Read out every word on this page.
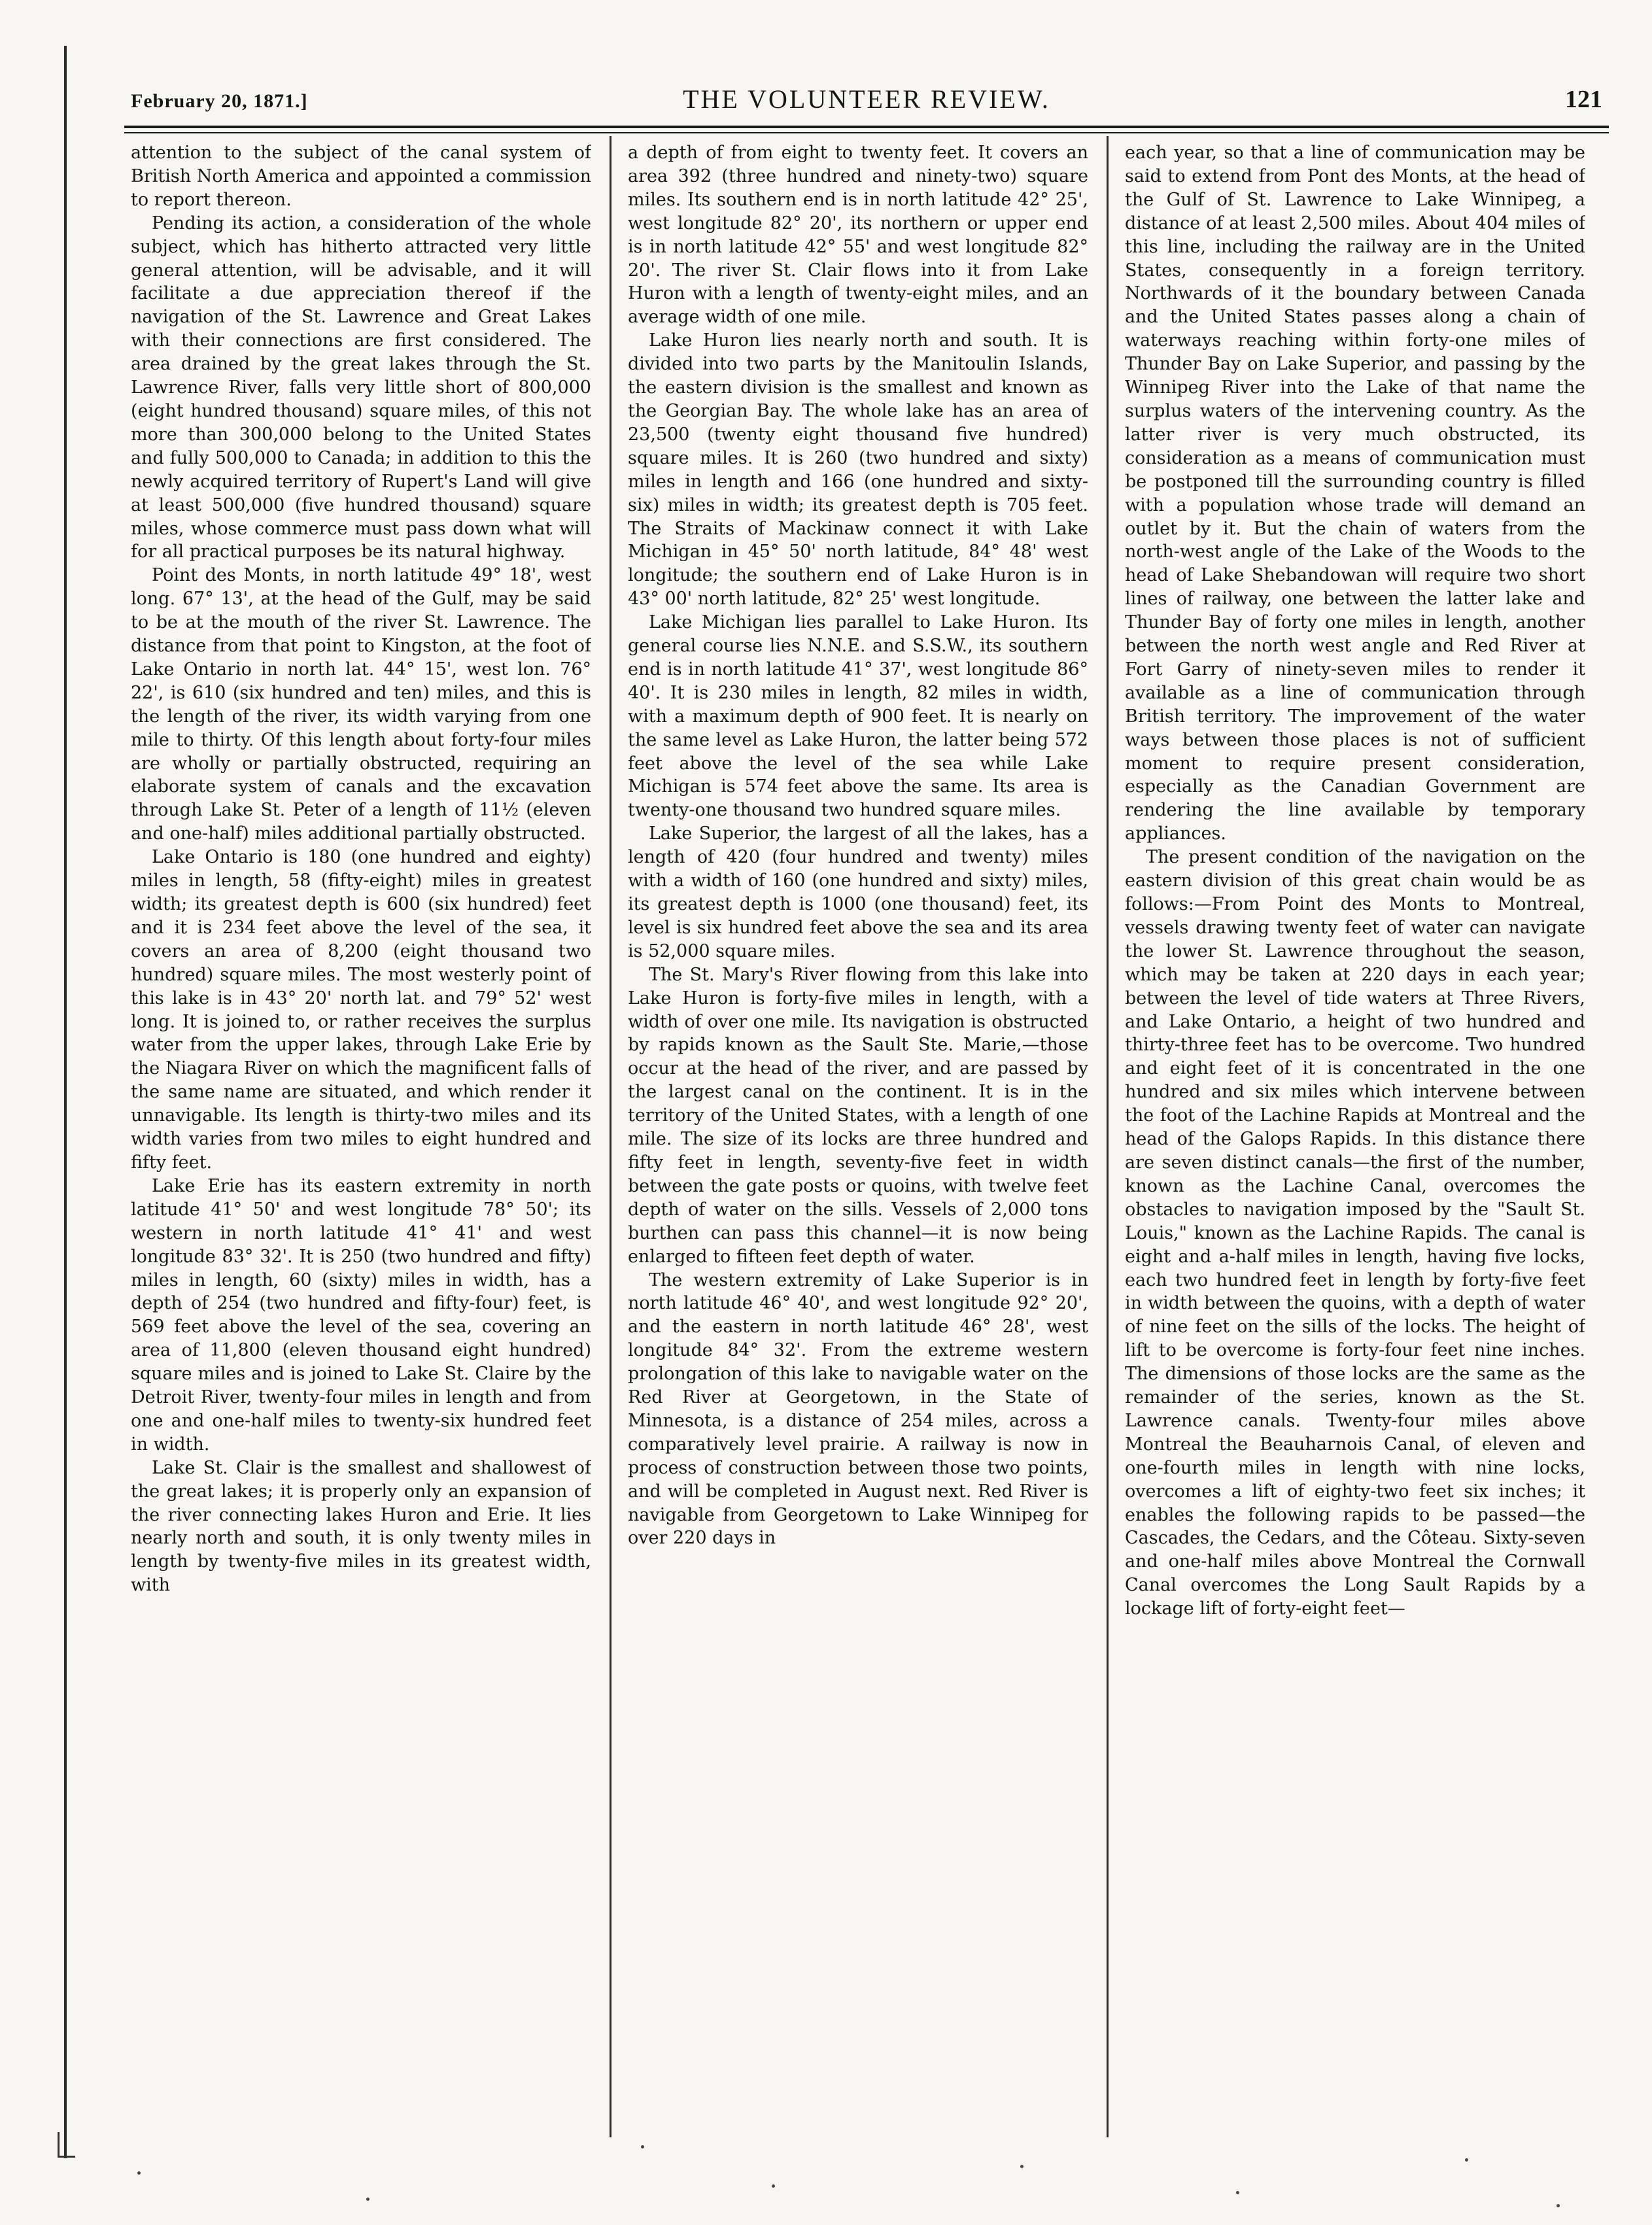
February 20, 1871.]	THE VOLUNTEER REVIEW.	121

attention to the subject of the canal system of British North America and appointed a commission to report thereon.

Pending its action, a consideration of the whole subject, which has hitherto attracted very little general attention, will be advisable, and it will facilitate a due appreciation thereof if the navigation of the St. Lawrence and Great Lakes with their connections are first considered. The area drained by the great lakes through the St. Lawrence River, falls very little short of 800,000 (eight hundred thousand) square miles, of this not more than 300,000 belong to the United States and fully 500,000 to Canada; in addition to this the newly acquired territory of Rupert's Land will give at least 500,000 (five hundred thousand) square miles, whose commerce must pass down what will for all practical purposes be its natural highway.

Point des Monts, in north latitude 49° 18', west long. 67° 13', at the head of the Gulf, may be said to be at the mouth of the river St. Lawrence. The distance from that point to Kingston, at the foot of Lake Ontario in north lat. 44° 15', west lon. 76° 22', is 610 (six hundred and ten) miles, and this is the length of the river, its width varying from one mile to thirty. Of this length about forty-four miles are wholly or partially obstructed, requiring an elaborate system of canals and the excavation through Lake St. Peter of a length of 11½ (eleven and one-half) miles additional partially obstructed.

Lake Ontario is 180 (one hundred and eighty) miles in length, 58 (fifty-eight) miles in greatest width; its greatest depth is 600 (six hundred) feet and it is 234 feet above the level of the sea, it covers an area of 8,200 (eight thousand two hundred) square miles. The most westerly point of this lake is in 43° 20' north lat. and 79° 52' west long. It is joined to, or rather receives the surplus water from the upper lakes, through Lake Erie by the Niagara River on which the magnificent falls of the same name are situated, and which render it unnavigable. Its length is thirty-two miles and its width varies from two miles to eight hundred and fifty feet.

Lake Erie has its eastern extremity in north latitude 41° 50' and west longitude 78° 50'; its western in north latitude 41° 41' and west longitude 83° 32'. It is 250 (two hundred and fifty) miles in length, 60 (sixty) miles in width, has a depth of 254 (two hundred and fifty-four) feet, is 569 feet above the level of the sea, covering an area of 11,800 (eleven thousand eight hundred) square miles and is joined to Lake St. Claire by the Detroit River, twenty-four miles in length and from one and one-half miles to twenty-six hundred feet in width.

Lake St. Clair is the smallest and shallowest of the great lakes; it is properly only an expansion of the river connecting lakes Huron and Erie. It lies nearly north and south, it is only twenty miles in length by twenty-five miles in its greatest width, with

a depth of from eight to twenty feet. It covers an area 392 (three hundred and ninety-two) square miles. Its southern end is in north latitude 42° 25', west longitude 82° 20', its northern or upper end is in north latitude 42° 55' and west longitude 82° 20'. The river St. Clair flows into it from Lake Huron with a length of twenty-eight miles, and an average width of one mile.

Lake Huron lies nearly north and south. It is divided into two parts by the Manitoulin Islands, the eastern division is the smallest and known as the Georgian Bay. The whole lake has an area of 23,500 (twenty eight thousand five hundred) square miles. It is 260 (two hundred and sixty) miles in length and 166 (one hundred and sixty-six) miles in width; its greatest depth is 705 feet. The Straits of Mackinaw connect it with Lake Michigan in 45° 50' north latitude, 84° 48' west longitude; the southern end of Lake Huron is in 43° 00' north latitude, 82° 25' west longitude.

Lake Michigan lies parallel to Lake Huron. Its general course lies N.N.E. and S.S.W., its southern end is in north latitude 41° 37', west longitude 86° 40'. It is 230 miles in length, 82 miles in width, with a maximum depth of 900 feet. It is nearly on the same level as Lake Huron, the latter being 572 feet above the level of the sea while Lake Michigan is 574 feet above the same. Its area is twenty-one thousand two hundred square miles.

Lake Superior, the largest of all the lakes, has a length of 420 (four hundred and twenty) miles with a width of 160 (one hundred and sixty) miles, its greatest depth is 1000 (one thousand) feet, its level is six hundred feet above the sea and its area is 52,000 square miles.

The St. Mary's River flowing from this lake into Lake Huron is forty-five miles in length, with a width of over one mile. Its navigation is obstructed by rapids known as the Sault Ste. Marie,—those occur at the head of the river, and are passed by the largest canal on the continent. It is in the territory of the United States, with a length of one mile. The size of its locks are three hundred and fifty feet in length, seventy-five feet in width between the gate posts or quoins, with twelve feet depth of water on the sills. Vessels of 2,000 tons burthen can pass this channel—it is now being enlarged to fifteen feet depth of water.

The western extremity of Lake Superior is in north latitude 46° 40', and west longitude 92° 20', and the eastern in north latitude 46° 28', west longitude 84° 32'. From the extreme western prolongation of this lake to navigable water on the Red River at Georgetown, in the State of Minnesota, is a distance of 254 miles, across a comparatively level prairie. A railway is now in process of construction between those two points, and will be completed in August next. Red River is navigable from Georgetown to Lake Winnipeg for over 220 days in

each year, so that a line of communication may be said to extend from Pont des Monts, at the head of the Gulf of St. Lawrence to Lake Winnipeg, a distance of at least 2,500 miles. About 404 miles of this line, including the railway are in the United States, consequently in a foreign territory. Northwards of it the boundary between Canada and the United States passes along a chain of waterways reaching within forty-one miles of Thunder Bay on Lake Superior, and passing by the Winnipeg River into the Lake of that name the surplus waters of the intervening country. As the latter river is very much obstructed, its consideration as a means of communication must be postponed till the surrounding country is filled with a population whose trade will demand an outlet by it. But the chain of waters from the north-west angle of the Lake of the Woods to the head of Lake Shebandowan will require two short lines of railway, one between the latter lake and Thunder Bay of forty one miles in length, another between the north west angle and Red River at Fort Garry of ninety-seven miles to render it available as a line of communication through British territory. The improvement of the water ways between those places is not of sufficient moment to require present consideration, especially as the Canadian Government are rendering the line available by temporary appliances.

The present condition of the navigation on the eastern division of this great chain would be as follows:—From Point des Monts to Montreal, vessels drawing twenty feet of water can navigate the lower St. Lawrence throughout the season, which may be taken at 220 days in each year; between the level of tide waters at Three Rivers, and Lake Ontario, a height of two hundred and thirty-three feet has to be overcome. Two hundred and eight feet of it is concentrated in the one hundred and six miles which intervene between the foot of the Lachine Rapids at Montreal and the head of the Galops Rapids. In this distance there are seven distinct canals—the first of the number, known as the Lachine Canal, overcomes the obstacles to navigation imposed by the "Sault St. Louis," known as the Lachine Rapids. The canal is eight and a-half miles in length, having five locks, each two hundred feet in length by forty-five feet in width between the quoins, with a depth of water of nine feet on the sills of the locks. The height of lift to be overcome is forty-four feet nine inches. The dimensions of those locks are the same as the remainder of the series, known as the St. Lawrence canals. Twenty-four miles above Montreal the Beauharnois Canal, of eleven and one-fourth miles in length with nine locks, overcomes a lift of eighty-two feet six inches; it enables the following rapids to be passed—the Cascades, the Cedars, and the Côteau. Sixty-seven and one-half miles above Montreal the Cornwall Canal overcomes the Long Sault Rapids by a lockage lift of forty-eight feet—
